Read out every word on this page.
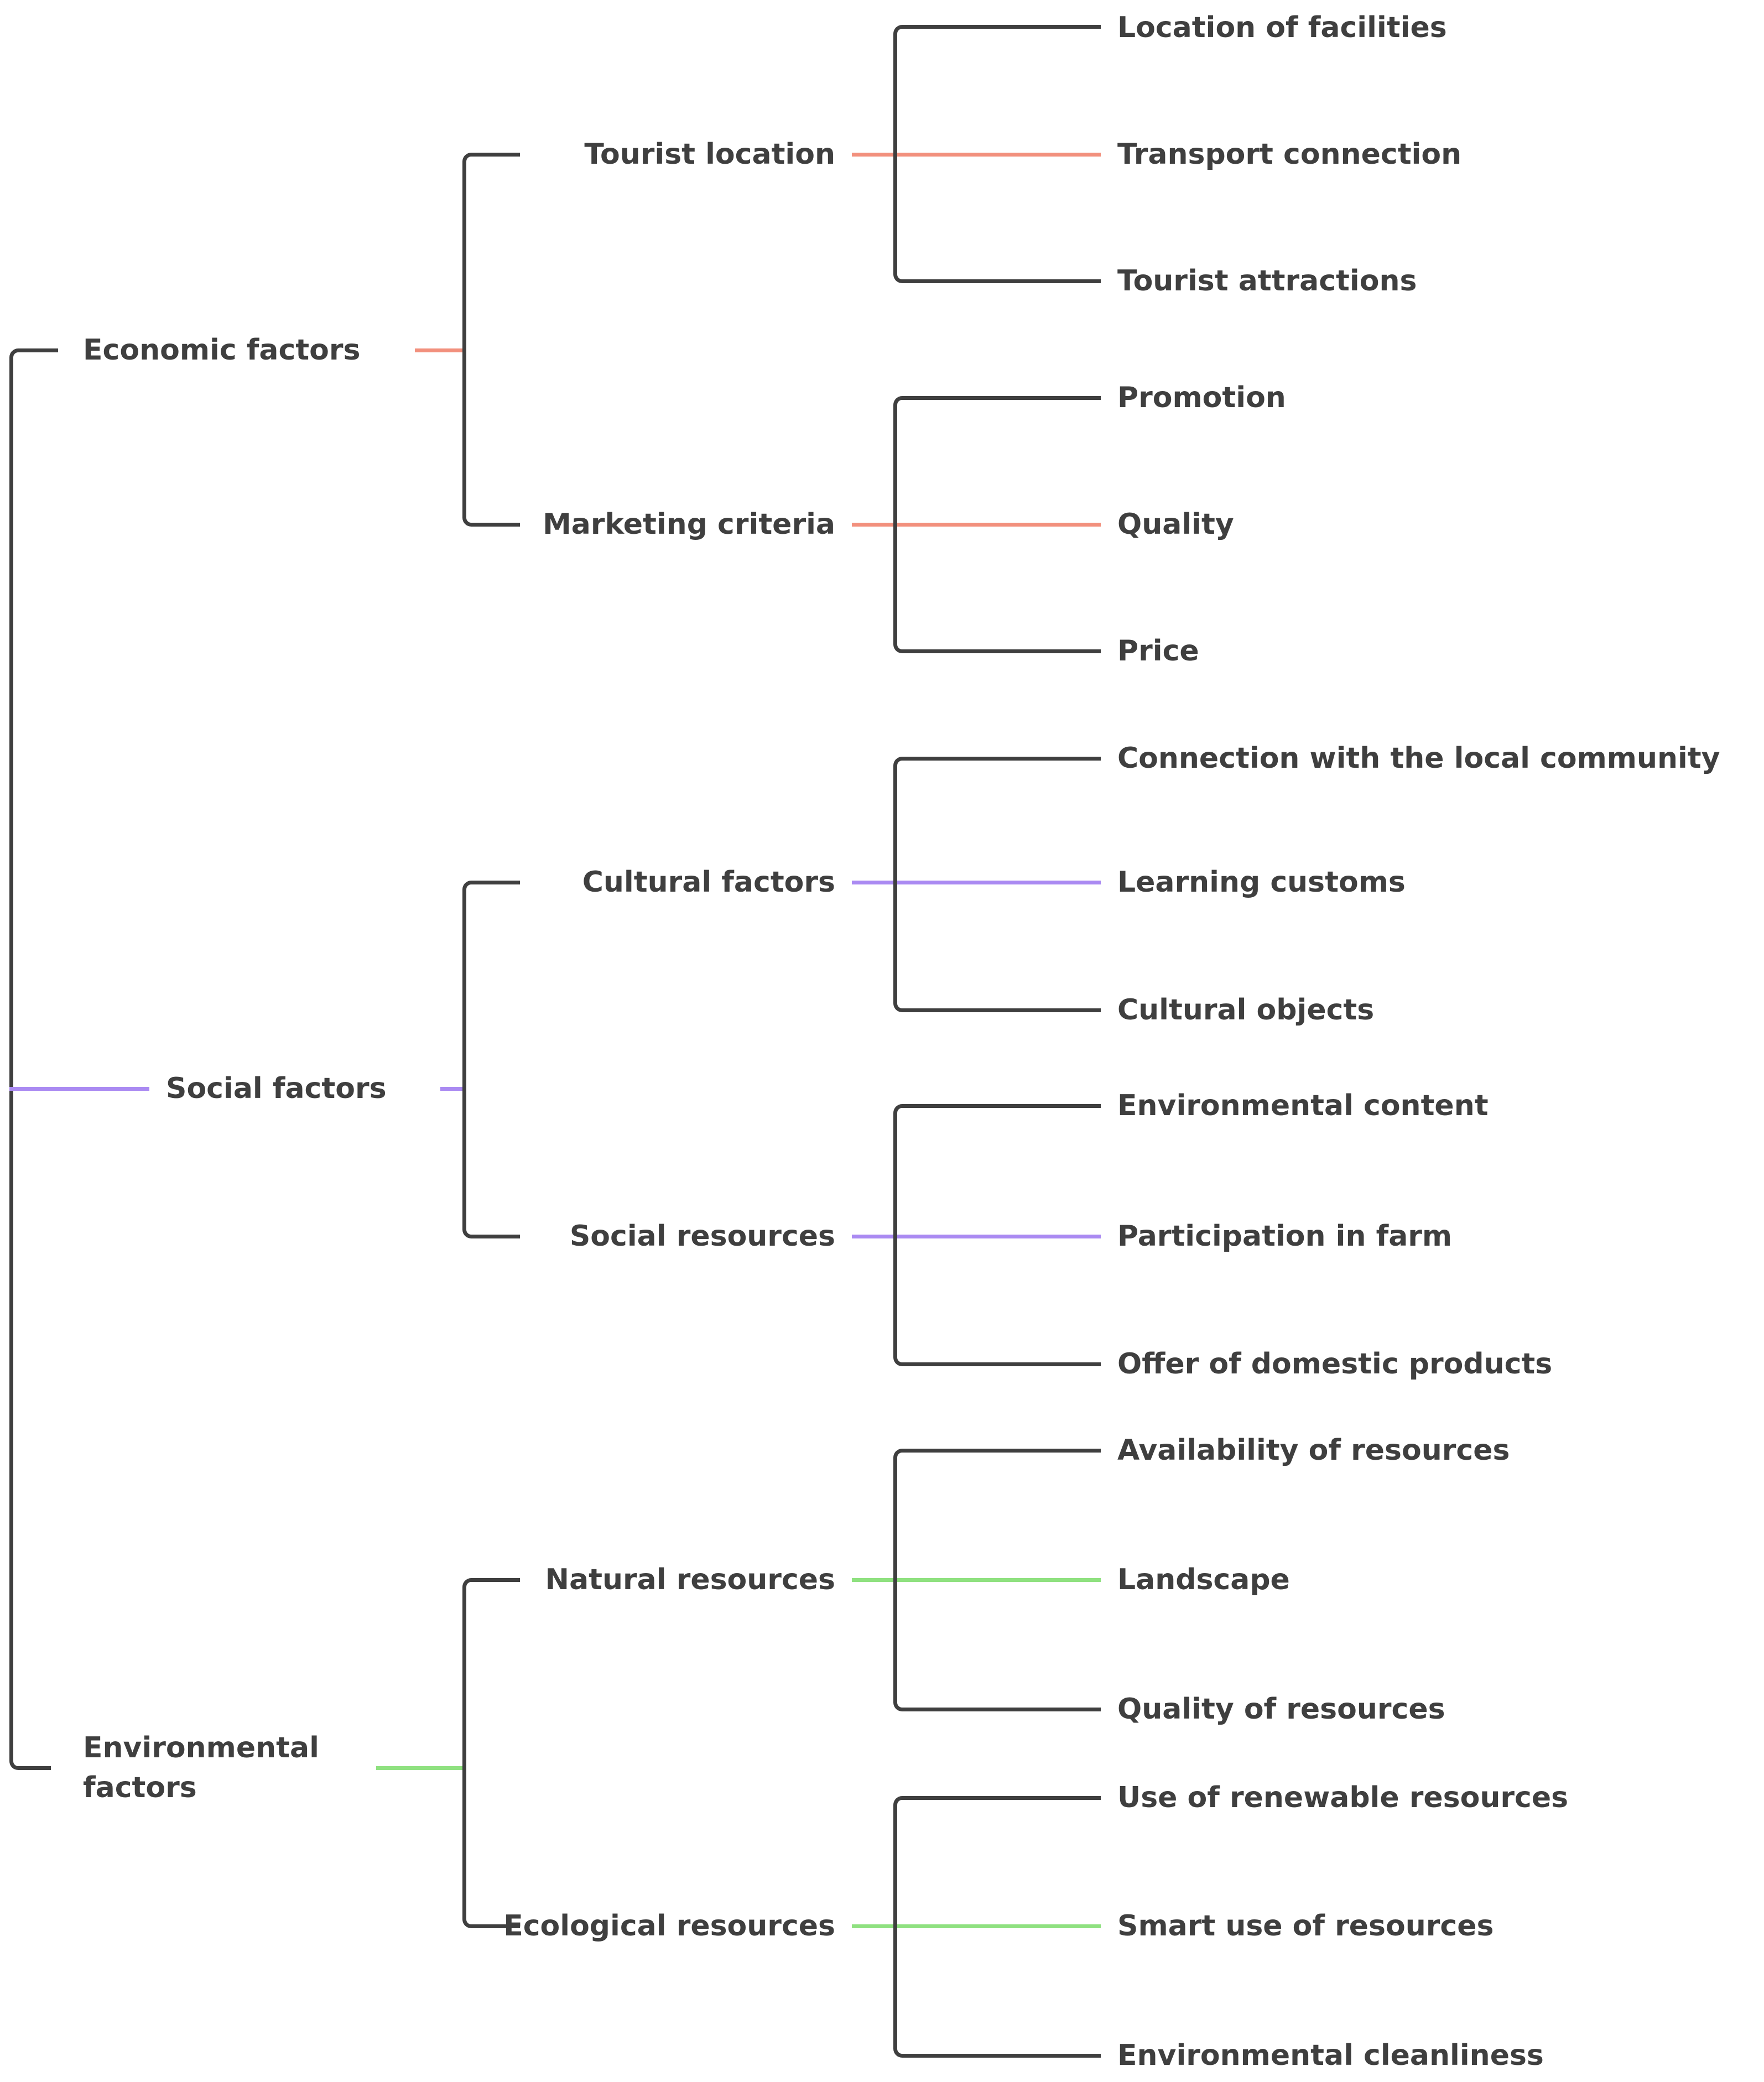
Economic factors
Social factors
Environmental factors
Tourist location
Marketing criteria
Cultural factors
Social resources
Natural resources
Ecological resources
Location of facilities
Transport connection
Tourist attractions
Promotion
Quality
Price
Connection with the local community
Learning customs
Cultural objects
Environmental content
Participation in farm
Offer of domestic products
Availability of resources
Landscape
Quality of resources
Use of renewable resources
Smart use of resources
Environmental cleanliness
